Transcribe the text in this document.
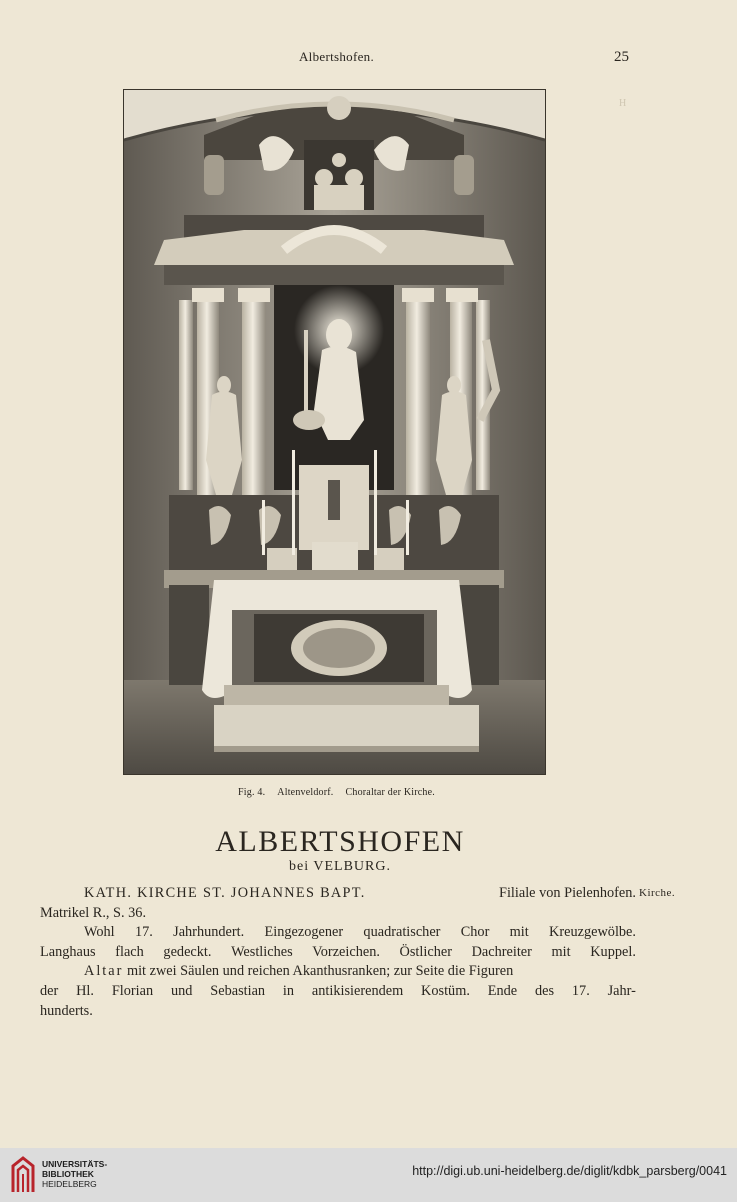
Albertshofen.	25
H
Fig. 4. Altenveldorf. Choraltar der Kirche.
ALBERTSHOFEN
bei VELBURG.
KATH. KIRCHE ST. JOHANNES BAPT.	Filiale von Pielenhofen.
Matrikel R., S. 36.
Wohl 17. Jahrhundert. Eingezogener quadratischer Chor mit Kreuzgewölbe.
Langhaus flach gedeckt. Westliches Vorzeichen. Östlicher Dachreiter mit Kuppel.
Altar mit zwei Säulen und reichen Akanthusranken; zur Seite die Figuren
der Hl. Florian und Sebastian in antikisierendem Kostüm. Ende des 17. Jahr-
hunderts.
Kirche.
UNIVERSITÄTS-
BIBLIOTHEK
HEIDELBERG
http://digi.ub.uni-heidelberg.de/diglit/kdbk_parsberg/0041
